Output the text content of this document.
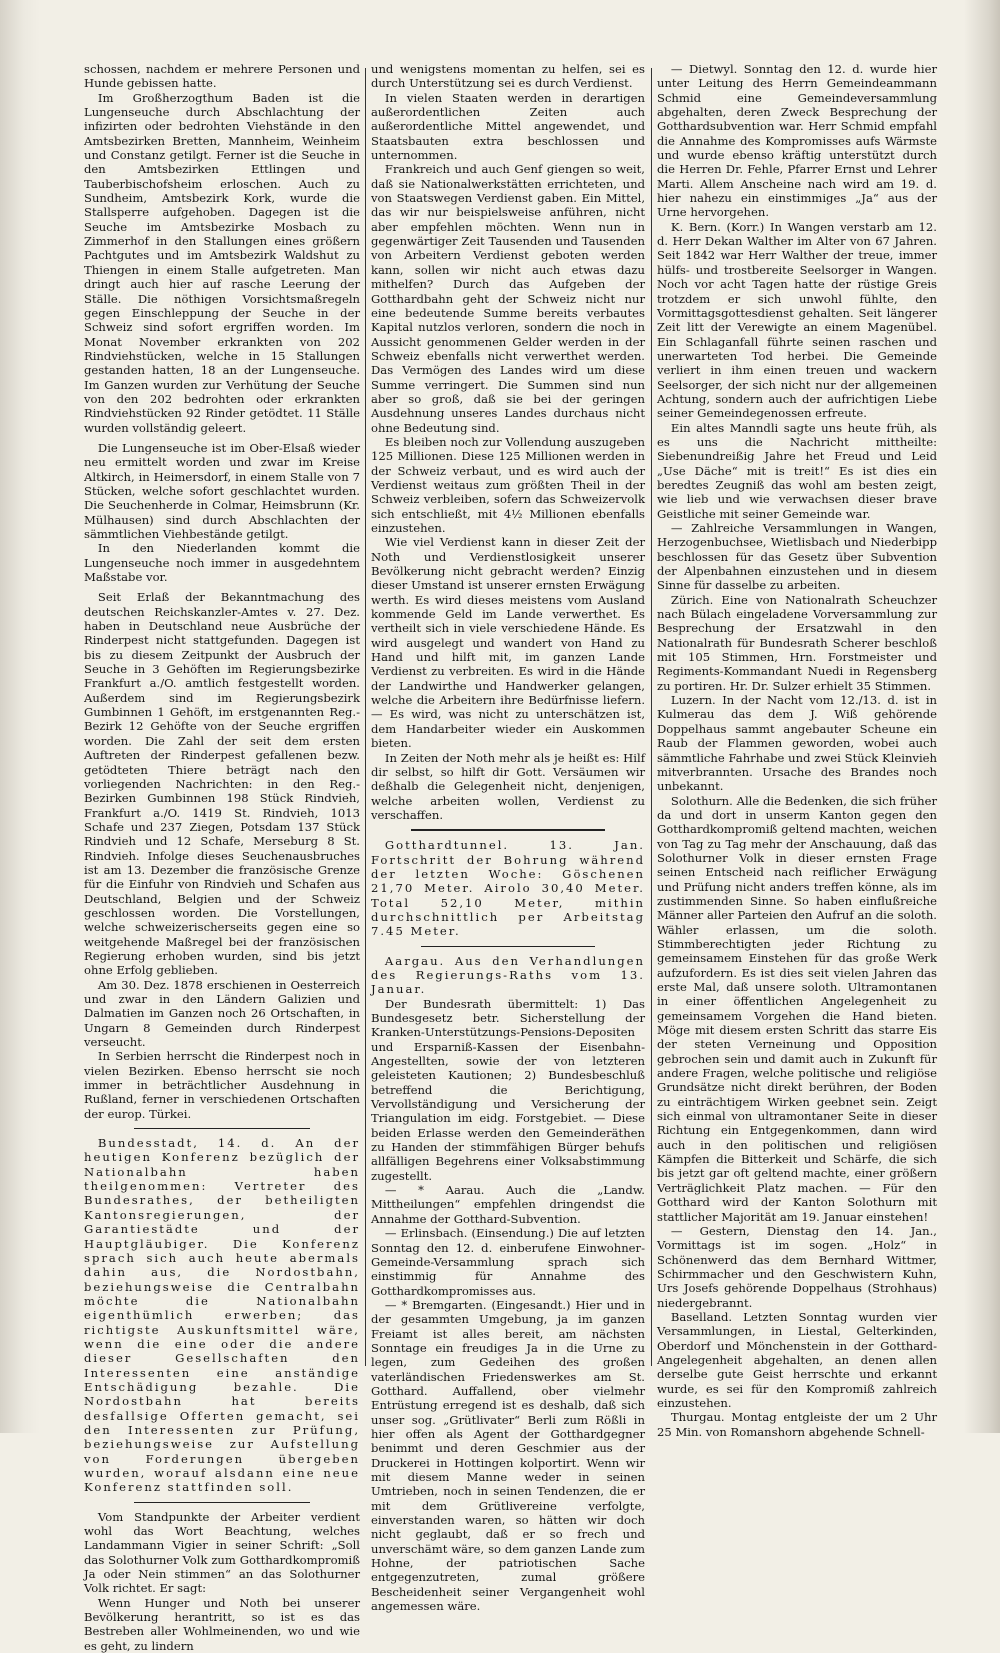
schossen, nachdem er mehrere Personen und Hunde gebissen hatte.

Im Großherzogthum Baden ist die Lungenseuche durch Abschlachtung der infizirten oder bedrohten Viehstände in den Amtsbezirken Bretten, Mannheim, Weinheim und Constanz getilgt. Ferner ist die Seuche in den Amtsbezirken Ettlingen und Tauberbischofsheim erloschen. Auch zu Sundheim, Amtsbezirk Kork, wurde die Stallsperre aufgehoben. Dagegen ist die Seuche im Amtsbezirke Mosbach zu Zimmerhof in den Stallungen eines größern Pachtgutes und im Amtsbezirk Waldshut zu Thiengen in einem Stalle aufgetreten. Man dringt auch hier auf rasche Leerung der Ställe. Die nöthigen Vorsichtsmaßregeln gegen Einschleppung der Seuche in der Schweiz sind sofort ergriffen worden. Im Monat November erkrankten von 202 Rindviehstücken, welche in 15 Stallungen gestanden hatten, 18 an der Lungenseuche. Im Ganzen wurden zur Verhütung der Seuche von den 202 bedrohten oder erkrankten Rindviehstücken 92 Rinder getödtet. 11 Ställe wurden vollständig geleert.

Die Lungenseuche ist im Ober-Elsaß wieder neu ermittelt worden und zwar im Kreise Altkirch, in Heimersdorf, in einem Stalle von 7 Stücken, welche sofort geschlachtet wurden. Die Seuchenherde in Colmar, Heimsbrunn (Kr. Mülhausen) sind durch Abschlachten der sämmtlichen Viehbestände getilgt.

In den Niederlanden kommt die Lungenseuche noch immer in ausgedehntem Maßstabe vor.

Seit Erlaß der Bekanntmachung des deutschen Reichskanzler-Amtes v. 27. Dez. haben in Deutschland neue Ausbrüche der Rinderpest nicht stattgefunden. Dagegen ist bis zu diesem Zeitpunkt der Ausbruch der Seuche in 3 Gehöften im Regierungsbezirke Frankfurt a./O. amtlich festgestellt worden. Außerdem sind im Regierungsbezirk Gumbinnen 1 Gehöft, im erstgenannten Reg.-Bezirk 12 Gehöfte von der Seuche ergriffen worden. Die Zahl der seit dem ersten Auftreten der Rinderpest gefallenen bezw. getödteten Thiere beträgt nach den vorliegenden Nachrichten: in den Reg.-Bezirken Gumbinnen 198 Stück Rindvieh, Frankfurt a./O. 1419 St. Rindvieh, 1013 Schafe und 237 Ziegen, Potsdam 137 Stück Rindvieh und 12 Schafe, Merseburg 8 St. Rindvieh. Infolge dieses Seuchenausbruches ist am 13. Dezember die französische Grenze für die Einfuhr von Rindvieh und Schafen aus Deutschland, Belgien und der Schweiz geschlossen worden. Die Vorstellungen, welche schweizerischerseits gegen eine so weitgehende Maßregel bei der französischen Regierung erhoben wurden, sind bis jetzt ohne Erfolg geblieben.

Am 30. Dez. 1878 erschienen in Oesterreich und zwar in den Ländern Galizien und Dalmatien im Ganzen noch 26 Ortschaften, in Ungarn 8 Gemeinden durch Rinderpest verseucht.

In Serbien herrscht die Rinderpest noch in vielen Bezirken. Ebenso herrscht sie noch immer in beträchtlicher Ausdehnung in Rußland, ferner in verschiedenen Ortschaften der europ. Türkei.

Bundesstadt, 14. d. An der heutigen Konferenz bezüglich der Nationalbahn haben theilgenommen: Vertreter des Bundesrathes, der betheiligten Kantonsregierungen, der Garantiestädte und der Hauptgläubiger. Die Konferenz sprach sich auch heute abermals dahin aus, die Nordostbahn, beziehungsweise die Centralbahn möchte die Nationalbahn eigenthümlich erwerben; das richtigste Auskunftsmittel wäre, wenn die eine oder die andere dieser Gesellschaften den Interessenten eine anständige Entschädigung bezahle. Die Nordostbahn hat bereits desfallsige Offerten gemacht, sei den Interessenten zur Prüfung, beziehungsweise zur Aufstellung von Forderungen übergeben wurden, worauf alsdann eine neue Konferenz stattfinden soll.

Vom Standpunkte der Arbeiter verdient wohl das Wort Beachtung, welches Landammann Vigier in seiner Schrift: „Soll das Solothurner Volk zum Gotthardkompromiß Ja oder Nein stimmen“ an das Solothurner Volk richtet. Er sagt:

Wenn Hunger und Noth bei unserer Bevölkerung herantritt, so ist es das Bestreben aller Wohlmeinenden, wo und wie es geht, zu lindern

und wenigstens momentan zu helfen, sei es durch Unterstützung sei es durch Verdienst.

In vielen Staaten werden in derartigen außerordentlichen Zeiten auch außerordentliche Mittel angewendet, und Staatsbauten extra beschlossen und unternommen.

Frankreich und auch Genf giengen so weit, daß sie Nationalwerkstätten errichteten, und von Staatswegen Verdienst gaben. Ein Mittel, das wir nur beispielsweise anführen, nicht aber empfehlen möchten. Wenn nun in gegenwärtiger Zeit Tausenden und Tausenden von Arbeitern Verdienst geboten werden kann, sollen wir nicht auch etwas dazu mithelfen? Durch das Aufgeben der Gotthardbahn geht der Schweiz nicht nur eine bedeutende Summe bereits verbautes Kapital nutzlos verloren, sondern die noch in Aussicht genommenen Gelder werden in der Schweiz ebenfalls nicht verwerthet werden. Das Vermögen des Landes wird um diese Summe verringert. Die Summen sind nun aber so groß, daß sie bei der geringen Ausdehnung unseres Landes durchaus nicht ohne Bedeutung sind.

Es bleiben noch zur Vollendung auszugeben 125 Millionen. Diese 125 Millionen werden in der Schweiz verbaut, und es wird auch der Verdienst weitaus zum größten Theil in der Schweiz verbleiben, sofern das Schweizervolk sich entschließt, mit 4½ Millionen ebenfalls einzustehen.

Wie viel Verdienst kann in dieser Zeit der Noth und Verdienstlosigkeit unserer Bevölkerung nicht gebracht werden? Einzig dieser Umstand ist unserer ernsten Erwägung werth. Es wird dieses meistens vom Ausland kommende Geld im Lande verwerthet. Es vertheilt sich in viele verschiedene Hände. Es wird ausgelegt und wandert von Hand zu Hand und hilft mit, im ganzen Lande Verdienst zu verbreiten. Es wird in die Hände der Landwirthe und Handwerker gelangen, welche die Arbeitern ihre Bedürfnisse liefern. — Es wird, was nicht zu unterschätzen ist, dem Handarbeiter wieder ein Auskommen bieten.

In Zeiten der Noth mehr als je heißt es: Hilf dir selbst, so hilft dir Gott. Versäumen wir deßhalb die Gelegenheit nicht, denjenigen, welche arbeiten wollen, Verdienst zu verschaffen.

Gotthardtunnel. 13. Jan. Fortschritt der Bohrung während der letzten Woche: Göschenen 21,70 Meter. Airolo 30,40 Meter. Total 52,10 Meter, mithin durchschnittlich per Arbeitstag 7.45 Meter.

Aargau. Aus den Verhandlungen des Regierungs-Raths vom 13. Januar.

Der Bundesrath übermittelt: 1) Das Bundesgesetz betr. Sicherstellung der Kranken-Unterstützungs-Pensions-Depositen und Ersparniß-Kassen der Eisenbahn-Angestellten, sowie der von letzteren geleisteten Kautionen; 2) Bundesbeschluß betreffend die Berichtigung, Vervollständigung und Versicherung der Triangulation im eidg. Forstgebiet. — Diese beiden Erlasse werden den Gemeinderäthen zu Handen der stimmfähigen Bürger behufs allfälligen Begehrens einer Volksabstimmung zugestellt.

— * Aarau. Auch die „Landw. Mittheilungen“ empfehlen dringendst die Annahme der Gotthard-Subvention.

— Erlinsbach. (Einsendung.) Die auf letzten Sonntag den 12. d. einberufene Einwohner-Gemeinde-Versammlung sprach sich einstimmig für Annahme des Gotthardkompromisses aus.

— * Bremgarten. (Eingesandt.) Hier und in der gesammten Umgebung, ja im ganzen Freiamt ist alles bereit, am nächsten Sonntage ein freudiges Ja in die Urne zu legen, zum Gedeihen des großen vaterländischen Friedenswerkes am St. Gotthard. Auffallend, ober vielmehr Entrüstung erregend ist es deshalb, daß sich unser sog. „Grütlivater“ Berli zum Rößli in hier offen als Agent der Gotthardgegner benimmt und deren Geschmier aus der Druckerei in Hottingen kolportirt. Wenn wir mit diesem Manne weder in seinen Umtrieben, noch in seinen Tendenzen, die er mit dem Grütlivereine verfolgte, einverstanden waren, so hätten wir doch nicht geglaubt, daß er so frech und unverschämt wäre, so dem ganzen Lande zum Hohne, der patriotischen Sache entgegenzutreten, zumal größere Bescheidenheit seiner Vergangenheit wohl angemessen wäre.

— Dietwyl. Sonntag den 12. d. wurde hier unter Leitung des Herrn Gemeindeammann Schmid eine Gemeindeversammlung abgehalten, deren Zweck Besprechung der Gotthardsubvention war. Herr Schmid empfahl die Annahme des Kompromisses aufs Wärmste und wurde ebenso kräftig unterstützt durch die Herren Dr. Fehle, Pfarrer Ernst und Lehrer Marti. Allem Anscheine nach wird am 19. d. hier nahezu ein einstimmiges „Ja“ aus der Urne hervorgehen.

K. Bern. (Korr.) In Wangen verstarb am 12. d. Herr Dekan Walther im Alter von 67 Jahren. Seit 1842 war Herr Walther der treue, immer hülfs- und trostbereite Seelsorger in Wangen. Noch vor acht Tagen hatte der rüstige Greis trotzdem er sich unwohl fühlte, den Vormittagsgottesdienst gehalten. Seit längerer Zeit litt der Verewigte an einem Magenübel. Ein Schlaganfall führte seinen raschen und unerwarteten Tod herbei. Die Gemeinde verliert in ihm einen treuen und wackern Seelsorger, der sich nicht nur der allgemeinen Achtung, sondern auch der aufrichtigen Liebe seiner Gemeindegenossen erfreute.

Ein altes Manndli sagte uns heute früh, als es uns die Nachricht mittheilte: Siebenundreißig Jahre het Freud und Leid „Use Däche“ mit is treit!“ Es ist dies ein beredtes Zeugniß das wohl am besten zeigt, wie lieb und wie verwachsen dieser brave Geistliche mit seiner Gemeinde war.

— Zahlreiche Versammlungen in Wangen, Herzogenbuchsee, Wietlisbach und Niederbipp beschlossen für das Gesetz über Subvention der Alpenbahnen einzustehen und in diesem Sinne für dasselbe zu arbeiten.

Zürich. Eine von Nationalrath Scheuchzer nach Bülach eingeladene Vorversammlung zur Besprechung der Ersatzwahl in den Nationalrath für Bundesrath Scherer beschloß mit 105 Stimmen, Hrn. Forstmeister und Regiments-Kommandant Nuedi in Regensberg zu portiren. Hr. Dr. Sulzer erhielt 35 Stimmen.

Luzern. In der Nacht vom 12./13. d. ist in Kulmerau das dem J. Wiß gehörende Doppelhaus sammt angebauter Scheune ein Raub der Flammen geworden, wobei auch sämmtliche Fahrhabe und zwei Stück Kleinvieh mitverbrannten. Ursache des Brandes noch unbekannt.

Solothurn. Alle die Bedenken, die sich früher da und dort in unserm Kanton gegen den Gotthardkompromiß geltend machten, weichen von Tag zu Tag mehr der Anschauung, daß das Solothurner Volk in dieser ernsten Frage seinen Entscheid nach reiflicher Erwägung und Prüfung nicht anders treffen könne, als im zustimmenden Sinne. So haben einflußreiche Männer aller Parteien den Aufruf an die soloth. Wähler erlassen, um die soloth. Stimmberechtigten jeder Richtung zu gemeinsamem Einstehen für das große Werk aufzufordern. Es ist dies seit vielen Jahren das erste Mal, daß unsere soloth. Ultramontanen in einer öffentlichen Angelegenheit zu gemeinsamem Vorgehen die Hand bieten. Möge mit diesem ersten Schritt das starre Eis der steten Verneinung und Opposition gebrochen sein und damit auch in Zukunft für andere Fragen, welche politische und religiöse Grundsätze nicht direkt berühren, der Boden zu einträchtigem Wirken geebnet sein. Zeigt sich einmal von ultramontaner Seite in dieser Richtung ein Entgegenkommen, dann wird auch in den politischen und religiösen Kämpfen die Bitterkeit und Schärfe, die sich bis jetzt gar oft geltend machte, einer größern Verträglichkeit Platz machen. — Für den Gotthard wird der Kanton Solothurn mit stattlicher Majorität am 19. Januar einstehen!

— Gestern, Dienstag den 14. Jan., Vormittags ist im sogen. „Holz“ in Schönenwerd das dem Bernhard Wittmer, Schirmmacher und den Geschwistern Kuhn, Urs Josefs gehörende Doppelhaus (Strohhaus) niedergebrannt.

Baselland. Letzten Sonntag wurden vier Versammlungen, in Liestal, Gelterkinden, Oberdorf und Mönchenstein in der Gotthard-Angelegenheit abgehalten, an denen allen derselbe gute Geist herrschte und erkannt wurde, es sei für den Kompromiß zahlreich einzustehen.

Thurgau. Montag entgleiste der um 2 Uhr 25 Min. von Romanshorn abgehende Schnell-
